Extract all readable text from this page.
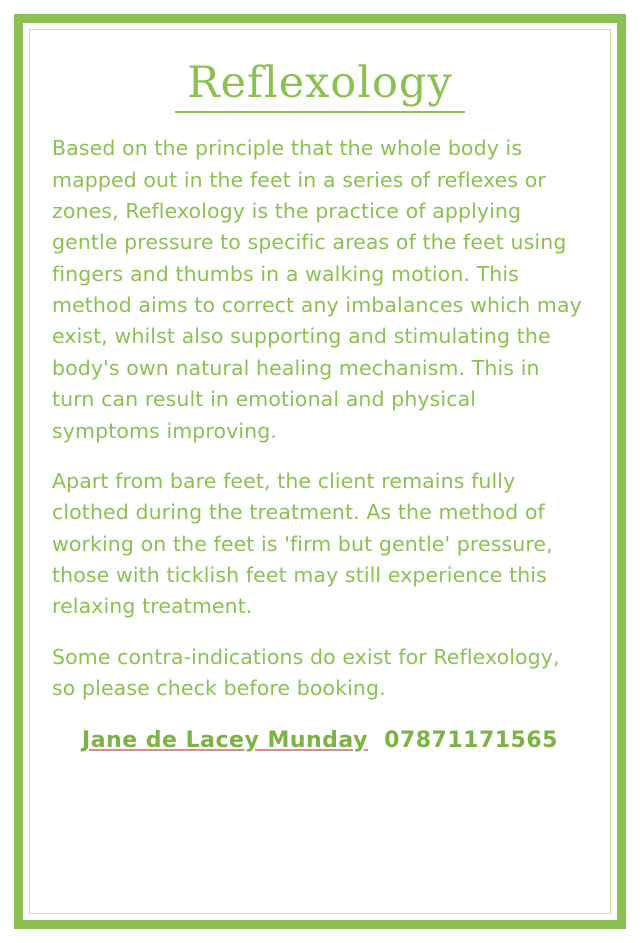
Reflexology

Based on the principle that the whole body is mapped out in the feet in a series of reflexes or zones, Reflexology is the practice of applying gentle pressure to specific areas of the feet using fingers and thumbs in a walking motion. This method aims to correct any imbalances which may exist, whilst also supporting and stimulating the body's own natural healing mechanism. This in turn can result in emotional and physical symptoms improving.

Apart from bare feet, the client remains fully clothed during the treatment. As the method of working on the feet is 'firm but gentle' pressure, those with ticklish feet may still experience this relaxing treatment.

Some contra-indications do exist for Reflexology, so please check before booking.

Jane de Lacey Munday 07871171565
